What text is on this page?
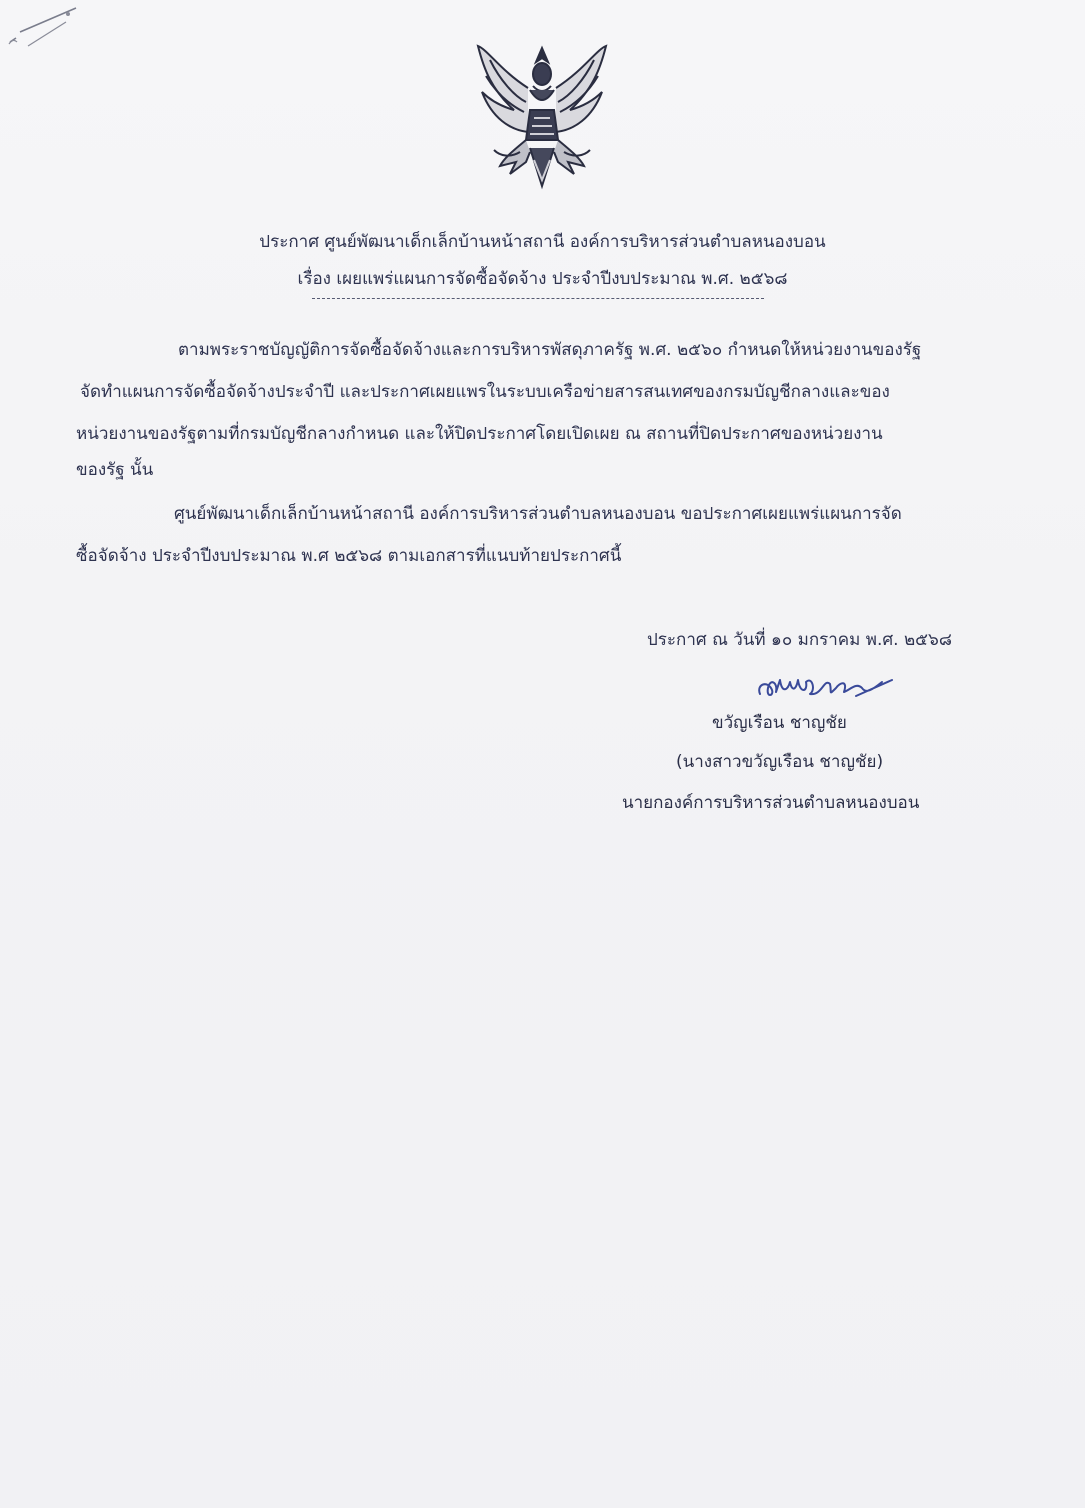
ประกาศ ศูนย์พัฒนาเด็กเล็กบ้านหน้าสถานี องค์การบริหารส่วนตำบลหนองบอน
เรื่อง เผยแพร่แผนการจัดซื้อจัดจ้าง ประจำปีงบประมาณ พ.ศ. ๒๕๖๘
ตามพระราชบัญญัติการจัดซื้อจัดจ้างและการบริหารพัสดุภาครัฐ พ.ศ. ๒๕๖๐ กำหนดให้หน่วยงานของรัฐ
จัดทำแผนการจัดซื้อจัดจ้างประจำปี และประกาศเผยแพรในระบบเครือข่ายสารสนเทศของกรมบัญชีกลางและของ
หน่วยงานของรัฐตามที่กรมบัญชีกลางกำหนด และให้ปิดประกาศโดยเปิดเผย ณ สถานที่ปิดประกาศของหน่วยงาน
ของรัฐ นั้น
ศูนย์พัฒนาเด็กเล็กบ้านหน้าสถานี องค์การบริหารส่วนตำบลหนองบอน ขอประกาศเผยแพร่แผนการจัด
ซื้อจัดจ้าง ประจำปีงบประมาณ พ.ศ ๒๕๖๘ ตามเอกสารที่แนบท้ายประกาศนี้
ประกาศ ณ วันที่ ๑๐ มกราคม พ.ศ. ๒๕๖๘
ขวัญเรือน ชาญชัย
(นางสาวขวัญเรือน ชาญชัย)
นายกองค์การบริหารส่วนตำบลหนองบอน
